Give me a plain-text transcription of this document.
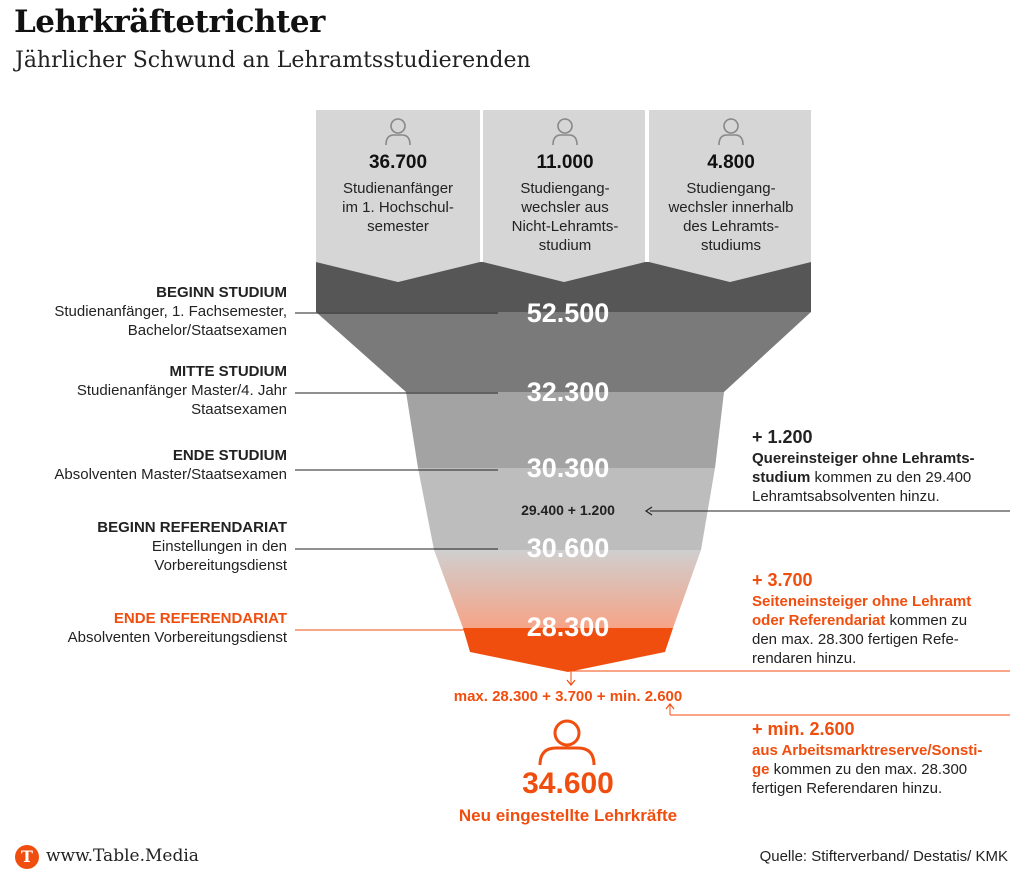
Lehrkräftetrichter
Jährlicher Schwund an Lehramtsstudierenden
36.700
Studienanfänger
im 1. Hochschul-
semester
11.000
Studiengang-
wechsler aus
Nicht-Lehramts-
studium
4.800
Studiengang-
wechsler innerhalb
des Lehramts-
studiums
52.500
32.300
30.300
30.600
28.300
29.400 + 1.200
BEGINN STUDIUM
Studienanfänger, 1. Fachsemester,
Bachelor/Staatsexamen
MITTE STUDIUM
Studienanfänger Master/4. Jahr
Staatsexamen
ENDE STUDIUM
Absolventen Master/Staatsexamen
BEGINN REFERENDARIAT
Einstellungen in den
Vorbereitungsdienst
ENDE REFERENDARIAT
Absolventen Vorbereitungsdienst
+ 1.200
Quereinsteiger ohne Lehramts-
studium kommen zu den 29.400
Lehramtsabsolventen hinzu.
+ 3.700
Seiteneinsteiger ohne Lehramt
oder Referendariat kommen zu
den max. 28.300 fertigen Refe-
rendaren hinzu.
+ min. 2.600
aus Arbeitsmarktreserve/Sonsti-
ge kommen zu den max. 28.300
fertigen Referendaren hinzu.
max. 28.300 + 3.700 + min. 2.600
34.600
Neu eingestellte Lehrkräfte
T www.Table.Media	Quelle: Stifterverband/ Destatis/ KMK
